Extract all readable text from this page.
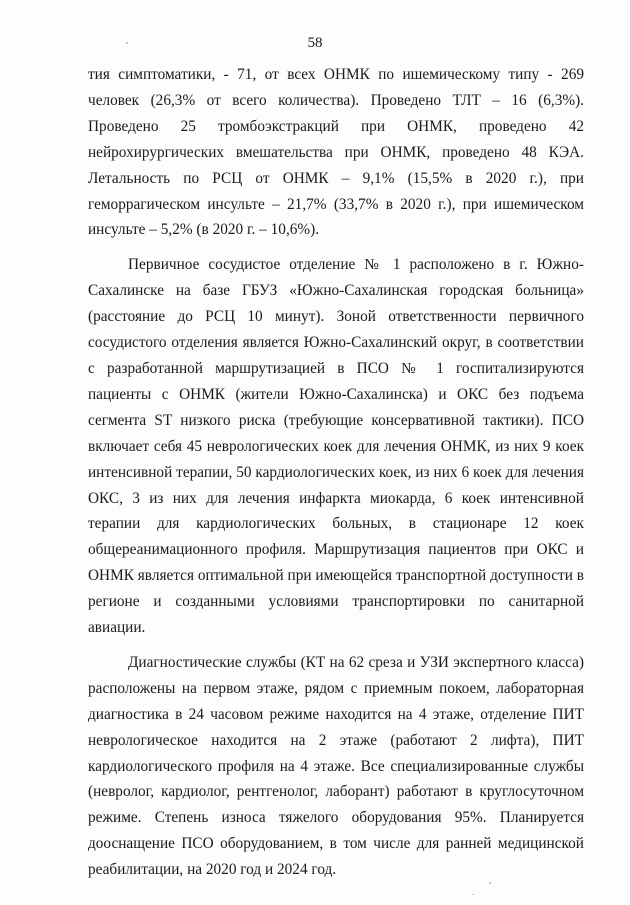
58

тия симптоматики, - 71, от всех ОНМК по ишемическому типу - 269 человек (26,3% от всего количества). Проведено ТЛТ – 16 (6,3%). Проведено 25 тромбоэкстракций при ОНМК, проведено 42 нейрохирургических вмешательства при ОНМК, проведено 48 КЭА. Летальность по РСЦ от ОНМК – 9,1% (15,5% в 2020 г.), при геморрагическом инсульте – 21,7% (33,7% в 2020 г.), при ишемическом инсульте – 5,2% (в 2020 г. – 10,6%).

Первичное сосудистое отделение № 1 расположено в г. Южно-Сахалинске на базе ГБУЗ «Южно-Сахалинская городская больница» (расстояние до РСЦ 10 минут). Зоной ответственности первичного сосудистого отделения является Южно-Сахалинский округ, в соответствии с разработанной маршрутизацией в ПСО № 1 госпитализируются пациенты с ОНМК (жители Южно-Сахалинска) и ОКС без подъема сегмента ST низкого риска (требующие консервативной тактики). ПСО включает себя 45 неврологических коек для лечения ОНМК, из них 9 коек интенсивной терапии, 50 кардиологических коек, из них 6 коек для лечения ОКС, 3 из них для лечения инфаркта миокарда, 6 коек интенсивной терапии для кардиологических больных, в стационаре 12 коек общереанимационного профиля. Маршрутизация пациентов при ОКС и ОНМК является оптимальной при имеющейся транспортной доступности в регионе и созданными условиями транспортировки по санитарной авиации.

Диагностические службы (КТ на 62 среза и УЗИ экспертного класса) расположены на первом этаже, рядом с приемным покоем, лабораторная диагностика в 24 часовом режиме находится на 4 этаже, отделение ПИТ неврологическое находится на 2 этаже (работают 2 лифта), ПИТ кардиологического профиля на 4 этаже. Все специализированные службы (невролог, кардиолог, рентгенолог, лаборант) работают в круглосуточном режиме. Степень износа тяжелого оборудования 95%. Планируется дооснащение ПСО оборудованием, в том числе для ранней медицинской реабилитации, на 2020 год и 2024 год.
